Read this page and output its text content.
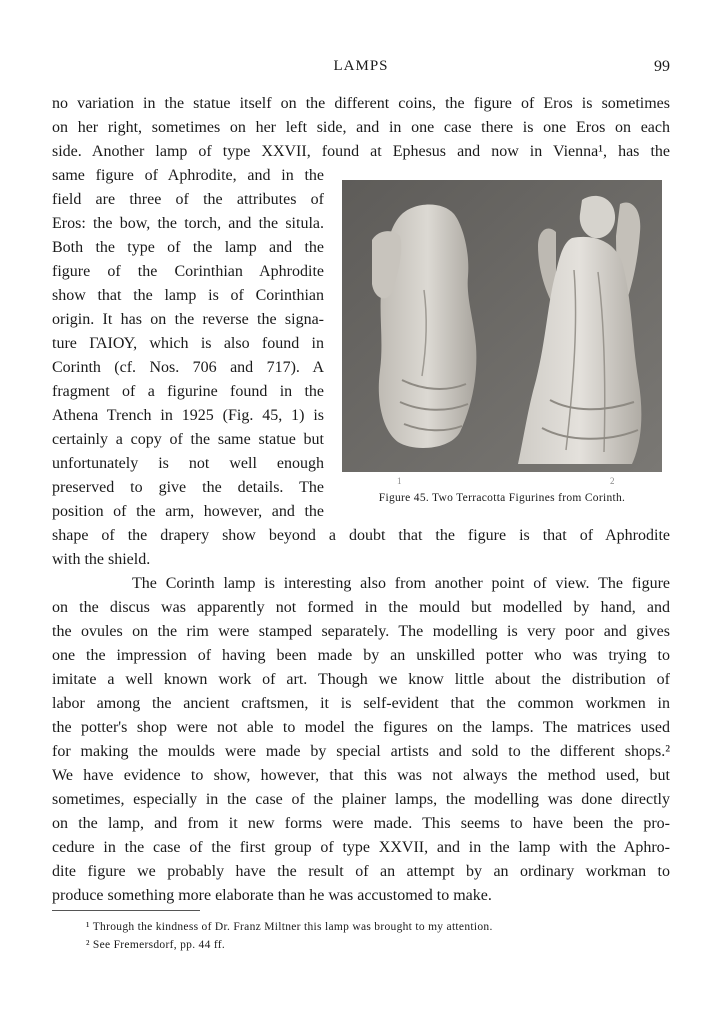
LAMPS	99
no variation in the statue itself on the different coins, the figure of Eros is sometimes
on her right, sometimes on her left side, and in one case there is one Eros on each
side. Another lamp of type XXVII, found at Ephesus and now in Vienna¹, has the
same figure of Aphrodite, and in the
field are three of the attributes of
Eros: the bow, the torch, and the situla.
Both the type of the lamp and the
figure of the Corinthian Aphrodite
show that the lamp is of Corinthian
origin. It has on the reverse the signa-
ture ΓΑΙΟΥ, which is also found in
Corinth (cf. Nos. 706 and 717). A
fragment of a figurine found in the
Athena Trench in 1925 (Fig. 45, 1) is
certainly a copy of the same statue but
unfortunately is not well enough
preserved to give the details. The
position of the arm, however, and the
1	2
Figure 45. Two Terracotta Figurines from Corinth.
shape of the drapery show beyond a doubt that the figure is that of Aphrodite
with the shield.
The Corinth lamp is interesting also from another point of view. The figure
on the discus was apparently not formed in the mould but modelled by hand, and
the ovules on the rim were stamped separately. The modelling is very poor and gives
one the impression of having been made by an unskilled potter who was trying to
imitate a well known work of art. Though we know little about the distribution of
labor among the ancient craftsmen, it is self-evident that the common workmen in
the potter's shop were not able to model the figures on the lamps. The matrices used
for making the moulds were made by special artists and sold to the different shops.²
We have evidence to show, however, that this was not always the method used, but
sometimes, especially in the case of the plainer lamps, the modelling was done directly
on the lamp, and from it new forms were made. This seems to have been the pro-
cedure in the case of the first group of type XXVII, and in the lamp with the Aphro-
dite figure we probably have the result of an attempt by an ordinary workman to
produce something more elaborate than he was accustomed to make.
¹ Through the kindness of Dr. Franz Miltner this lamp was brought to my attention.
² See Fremersdorf, pp. 44 ff.
